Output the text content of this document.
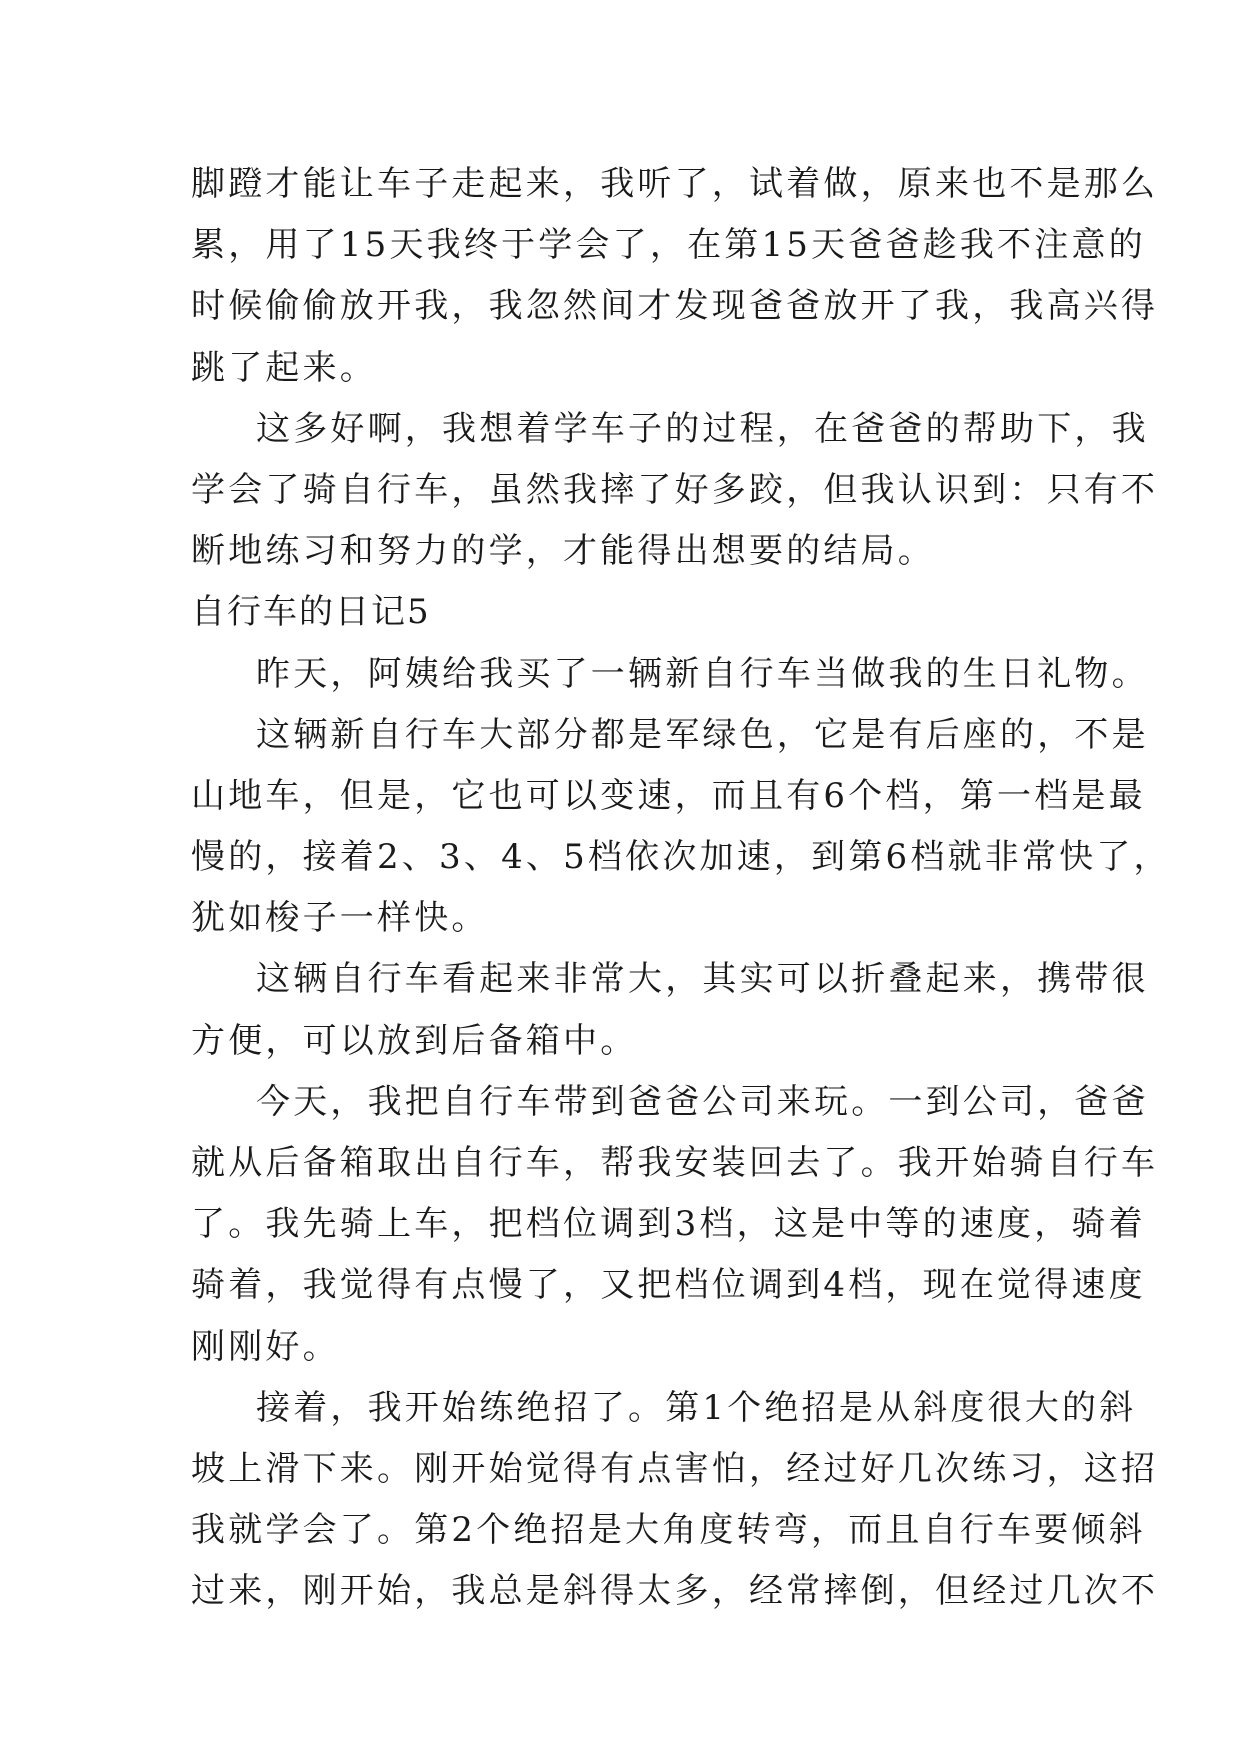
脚蹬才能让车子走起来，我听了，试着做，原来也不是那么
累，用了15天我终于学会了，在第15天爸爸趁我不注意的
时候偷偷放开我，我忽然间才发现爸爸放开了我，我高兴得
跳了起来。
这多好啊，我想着学车子的过程，在爸爸的帮助下，我
学会了骑自行车，虽然我摔了好多跤，但我认识到：只有不
断地练习和努力的学，才能得出想要的结局。
自行车的日记5
昨天，阿姨给我买了一辆新自行车当做我的生日礼物。
这辆新自行车大部分都是军绿色，它是有后座的，不是
山地车，但是，它也可以变速，而且有6个档，第一档是最
慢的，接着2、3、4、5档依次加速，到第6档就非常快了，
犹如梭子一样快。
这辆自行车看起来非常大，其实可以折叠起来，携带很
方便，可以放到后备箱中。
今天，我把自行车带到爸爸公司来玩。一到公司，爸爸
就从后备箱取出自行车，帮我安装回去了。我开始骑自行车
了。我先骑上车，把档位调到3档，这是中等的速度，骑着
骑着，我觉得有点慢了，又把档位调到4档，现在觉得速度
刚刚好。
接着，我开始练绝招了。第1个绝招是从斜度很大的斜
坡上滑下来。刚开始觉得有点害怕，经过好几次练习，这招
我就学会了。第2个绝招是大角度转弯，而且自行车要倾斜
过来，刚开始，我总是斜得太多，经常摔倒，但经过几次不
